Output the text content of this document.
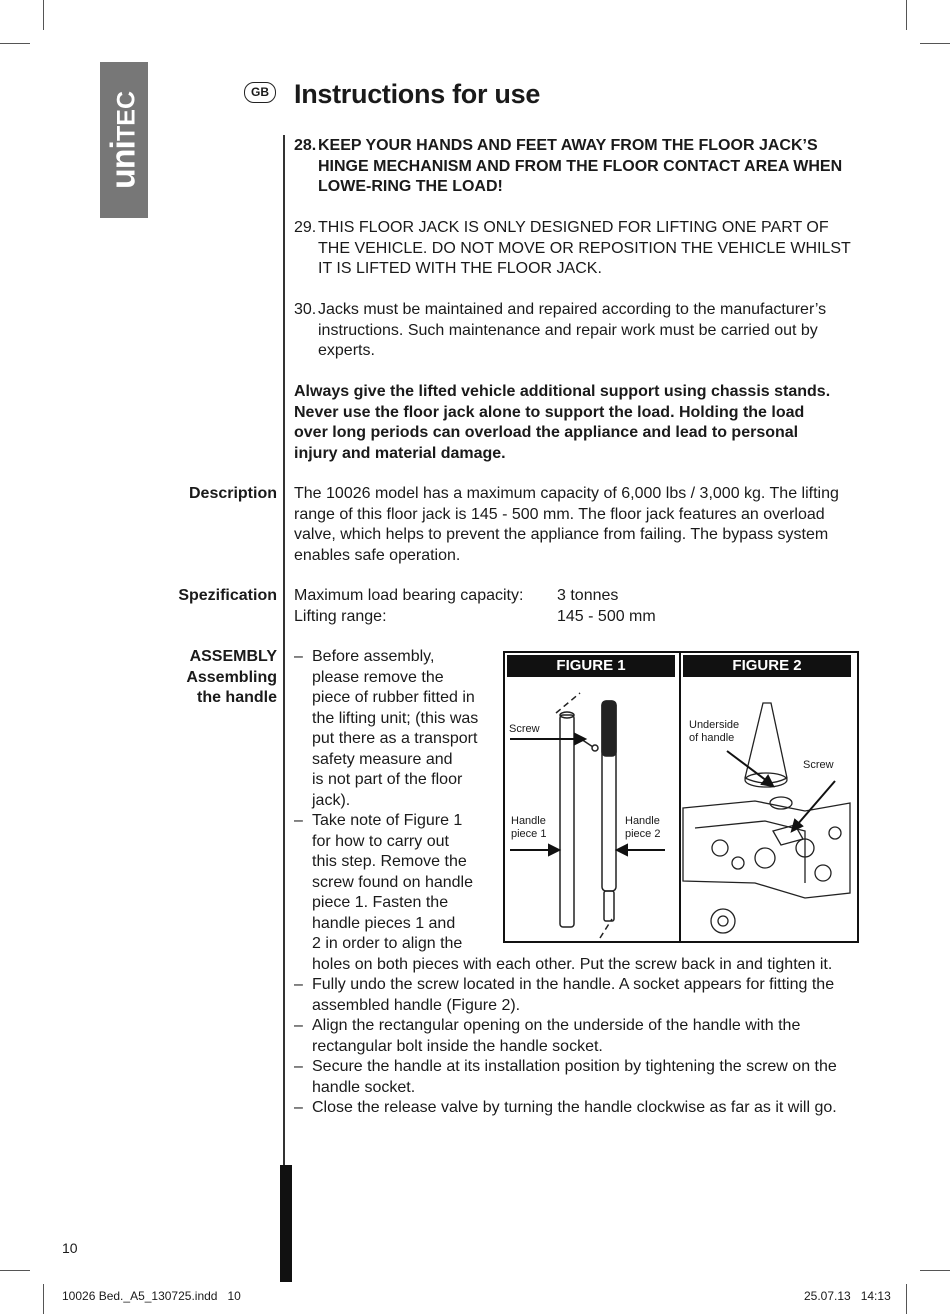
uniTEC	GB Instructions for use
28. KEEP YOUR HANDS AND FEET AWAY FROM THE FLOOR JACK’S HINGE MECHANISM AND FROM THE FLOOR CONTACT AREA WHEN LOWE-RING THE LOAD!
29. THIS FLOOR JACK IS ONLY DESIGNED FOR LIFTING ONE PART OF THE VEHICLE. DO NOT MOVE OR REPOSITION THE VEHICLE WHILST IT IS LIFTED WITH THE FLOOR JACK.
30. Jacks must be maintained and repaired according to the manufacturer’s instructions. Such maintenance and repair work must be carried out by experts.
Always give the lifted vehicle additional support using chassis stands. Never use the floor jack alone to support the load. Holding the load over long periods can overload the appliance and lead to personal injury and material damage.
Description The 10026 model has a maximum capacity of 6,000 lbs / 3,000 kg. The lifting range of this floor jack is 145 - 500 mm. The floor jack features an overload valve, which helps to prevent the appliance from failing. The bypass system enables safe operation.
Spezification Maximum load bearing capacity:	3 tonnes
Lifting range:	145 - 500 mm
ASSEMBLY
Assembling
the handle
– Before assembly,
please remove the
piece of rubber fitted in
the lifting unit; (this was
put there as a transport
safety measure and
is not part of the floor
jack).
– Take note of Figure 1
for how to carry out
this step. Remove the
screw found on handle
piece 1. Fasten the
handle pieces 1 and
2 in order to align the
holes on both pieces with each other. Put the screw back in and tighten it.
– Fully undo the screw located in the handle. A socket appears for fitting the assembled handle (Figure 2).
– Align the rectangular opening on the underside of the handle with the rectangular bolt inside the handle socket.
– Secure the handle at its installation position by tightening the screw on the handle socket.
– Close the release valve by turning the handle clockwise as far as it will go.
FIGURE 1	FIGURE 2
Screw
Handle
piece 1
Handle
piece 2
Underside
of handle
Screw
10
10026 Bed._A5_130725.indd   10	25.07.13   14:13
